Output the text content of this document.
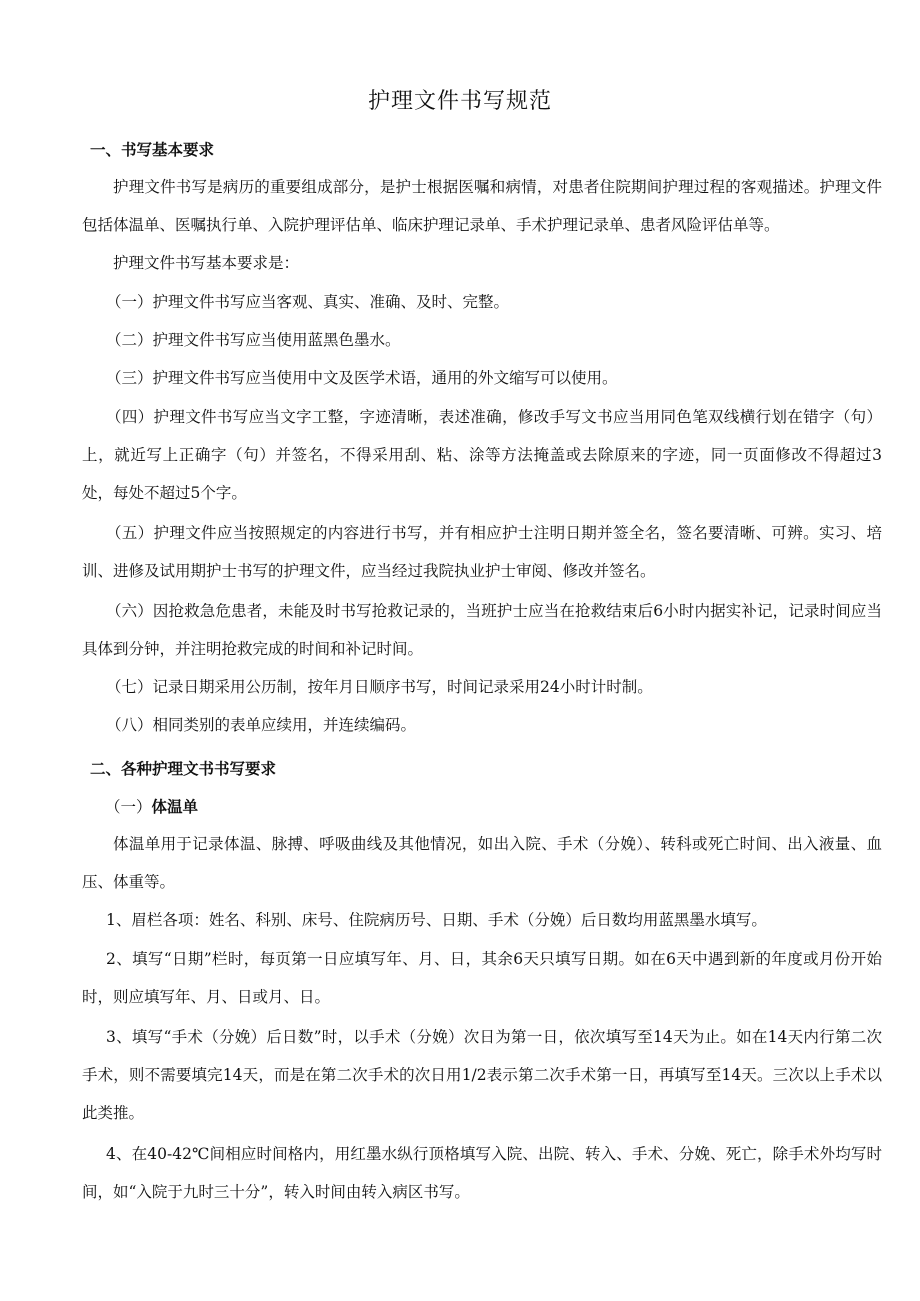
护理文件书写规范
一、书写基本要求
护理文件书写是病历的重要组成部分，是护士根据医嘱和病情，对患者住院期间护理过程的客观描述。护理文件包括体温单、医嘱执行单、入院护理评估单、临床护理记录单、手术护理记录单、患者风险评估单等。
护理文件书写基本要求是：
（一）护理文件书写应当客观、真实、准确、及时、完整。
（二）护理文件书写应当使用蓝黑色墨水。
（三）护理文件书写应当使用中文及医学术语，通用的外文缩写可以使用。
（四）护理文件书写应当文字工整，字迹清晰，表述准确，修改手写文书应当用同色笔双线横行划在错字（句）上，就近写上正确字（句）并签名，不得采用刮、粘、涂等方法掩盖或去除原来的字迹，同一页面修改不得超过3处，每处不超过5个字。
（五）护理文件应当按照规定的内容进行书写，并有相应护士注明日期并签全名，签名要清晰、可辨。实习、培训、进修及试用期护士书写的护理文件，应当经过我院执业护士审阅、修改并签名。
（六）因抢救急危患者，未能及时书写抢救记录的，当班护士应当在抢救结束后6小时内据实补记，记录时间应当具体到分钟，并注明抢救完成的时间和补记时间。
（七）记录日期采用公历制，按年月日顺序书写，时间记录采用24小时计时制。
（八）相同类别的表单应续用，并连续编码。
二、各种护理文书书写要求
（一）体温单
体温单用于记录体温、脉搏、呼吸曲线及其他情况，如出入院、手术（分娩）、转科或死亡时间、出入液量、血压、体重等。
1、眉栏各项：姓名、科别、床号、住院病历号、日期、手术（分娩）后日数均用蓝黑墨水填写。
2、填写“日期”栏时，每页第一日应填写年、月、日，其余6天只填写日期。如在6天中遇到新的年度或月份开始时，则应填写年、月、日或月、日。
3、填写“手术（分娩）后日数”时，以手术（分娩）次日为第一日，依次填写至14天为止。如在14天内行第二次手术，则不需要填完14天，而是在第二次手术的次日用1/2表示第二次手术第一日，再填写至14天。三次以上手术以此类推。
4、在40-42℃间相应时间格内，用红墨水纵行顶格填写入院、出院、转入、手术、分娩、死亡，除手术外均写时间，如“入院于九时三十分”，转入时间由转入病区书写。
